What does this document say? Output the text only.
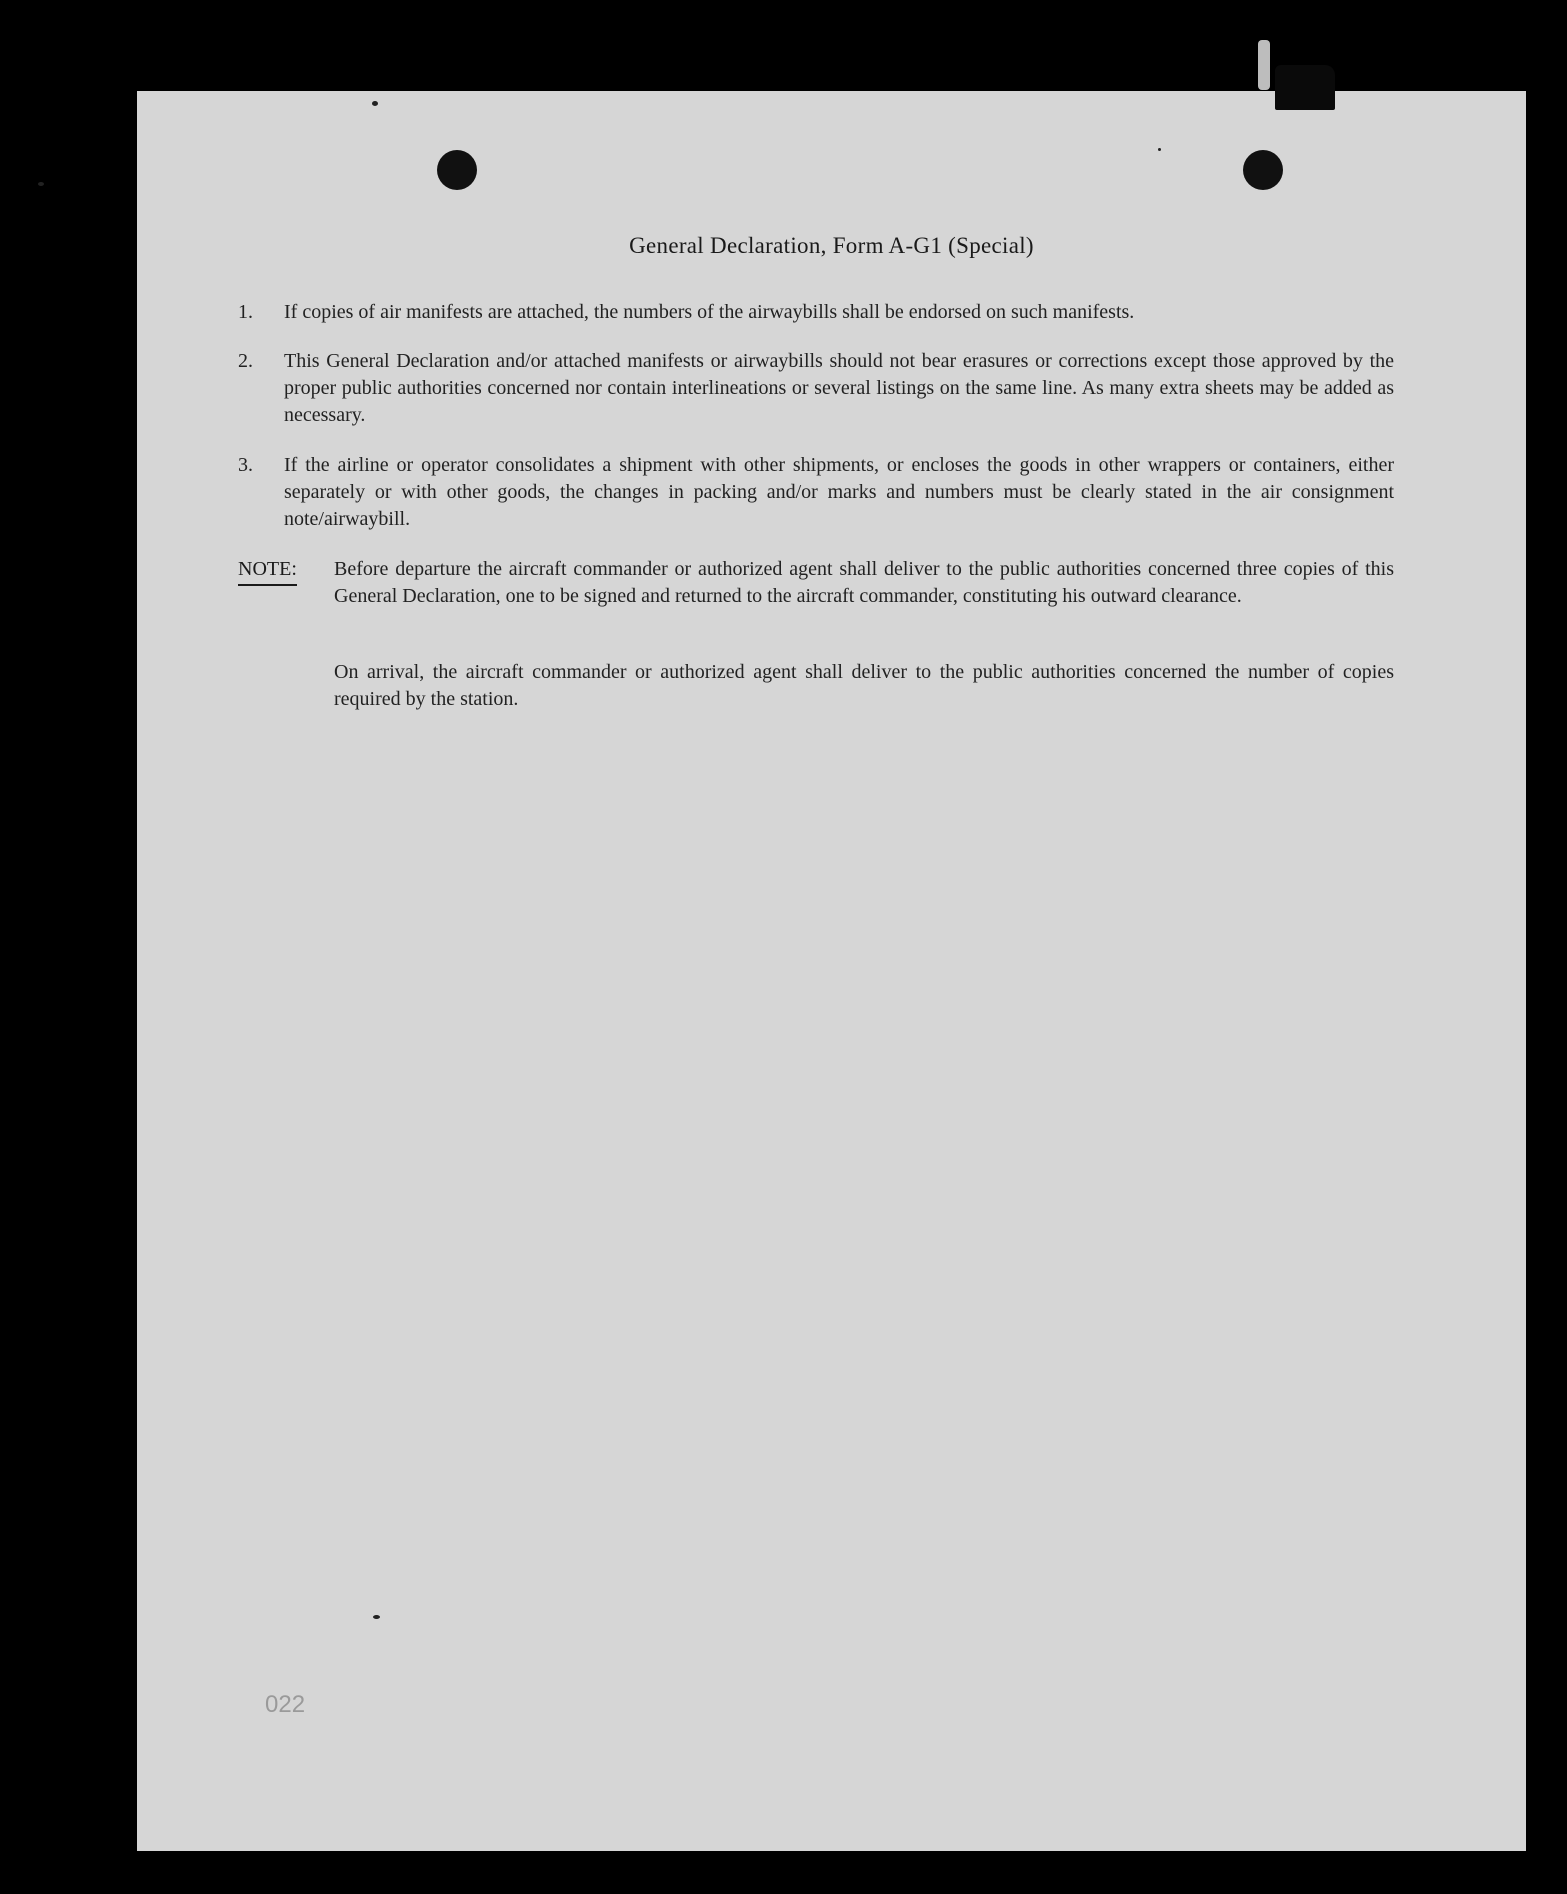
General Declaration, Form A-G1 (Special)
1. If copies of air manifests are attached, the numbers of the airwaybills shall be endorsed on such manifests.
2. This General Declaration and/or attached manifests or airwaybills should not bear erasures or corrections except those approved by the proper public authorities concerned nor contain interlineations or several listings on the same line. As many extra sheets may be added as necessary.
3. If the airline or operator consolidates a shipment with other shipments, or encloses the goods in other wrappers or containers, either separately or with other goods, the changes in packing and/or marks and numbers must be clearly stated in the air consignment note/airwaybill.
NOTE: Before departure the aircraft commander or authorized agent shall deliver to the public authorities concerned three copies of this General Declaration, one to be signed and returned to the aircraft commander, constituting his outward clearance.
On arrival, the aircraft commander or authorized agent shall deliver to the public authorities concerned the number of copies required by the station.
022
